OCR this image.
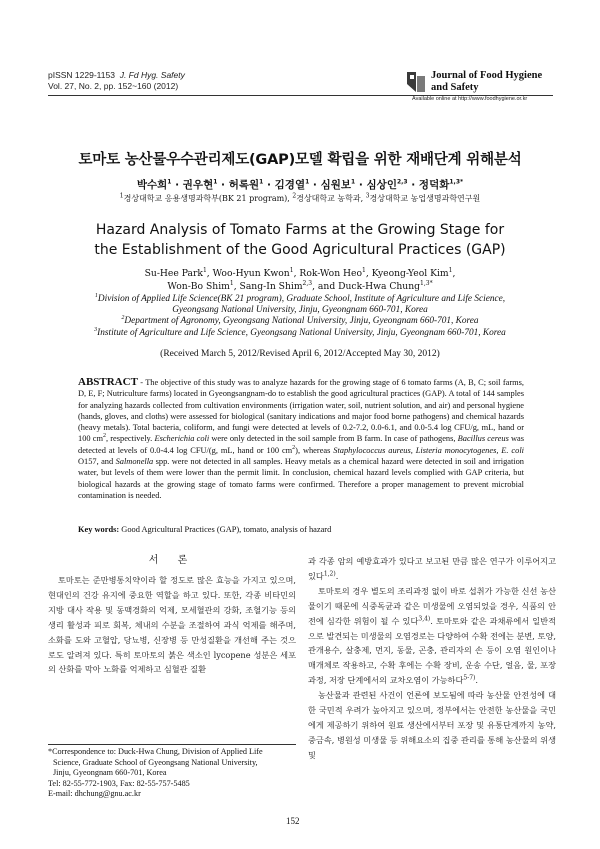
pISSN 1229-1153 J. Fd Hyg. Safety
Vol. 27, No. 2, pp. 152~160 (2012)
Journal of Food Hygiene
and Safety
Available online at http://www.foodhygiene.or.kr
토마토 농산물우수관리제도(GAP)모델 확립을 위한 재배단계 위해분석
박수희$^1$ · 권우현$^1$ · 허록원$^1$ · 김경열$^1$ · 심원보$^1$ · 심상인$^{2,3}$ · 정덕화$^{1,3*}$
$^1$경상대학교 응용생명과학부(BK 21 program), $^2$경상대학교 농학과, $^3$경상대학교 농업생명과학연구원
Hazard Analysis of Tomato Farms at the Growing Stage for
the Establishment of the Good Agricultural Practices (GAP)
Su-Hee Park$^1$, Woo-Hyun Kwon$^1$, Rok-Won Heo$^1$, Kyeong-Yeol Kim$^1$,
Won-Bo Shim$^1$, Sang-In Shim$^{2,3}$, and Duck-Hwa Chung$^{1,3*}$
$^1$Division of Applied Life Science(BK 21 program), Graduate School, Institute of Agriculture and Life Science,
Gyeongsang National University, Jinju, Gyeongnam 660-701, Korea
$^2$Department of Agronomy, Gyeongsang National University, Jinju, Gyeongnam 660-701, Korea
$^3$Institute of Agriculture and Life Science, Gyeongsang National University, Jinju, Gyeongnam 660-701, Korea
(Received March 5, 2012/Revised April 6, 2012/Accepted May 30, 2012)
ABSTRACT - The objective of this study was to analyze hazards for the growing stage of 6 tomato farms (A, B, C; soil farms, D, E, F; Nutriculture farms) located in Gyeongsangnam-do to establish the good agricultural practices (GAP). A total of 144 samples for analyzing hazards collected from cultivation environments (irrigation water, soil, nutrient solution, and air) and personal hygiene (hands, gloves, and cloths) were assessed for biological (sanitary indications and major food borne pathogens) and chemical hazards (heavy metals). Total bacteria, coliform, and fungi were detected at levels of 0.2-7.2, 0.0-6.1, and 0.0-5.4 log CFU/g, mL, hand or 100 $cm^2$, respectively. Escherichia coli were only detected in the soil sample from B farm. In case of pathogens, Bacillus cereus was detected at levels of 0.0-4.4 log CFU/(g, mL, hand or 100 $cm^2$), whereas Staphylococcus aureus, Listeria monocytogenes, E. coli O157, and Salmonella spp. were not detected in all samples. Heavy metals as a chemical hazard were detected in soil and irrigation water, but levels of them were lower than the permit limit. In conclusion, chemical hazard levels complied with GAP criteria, but biological hazards at the growing stage of tomato farms were confirmed. Therefore a proper management to prevent microbial contamination is needed.
Key words: Good Agricultural Practices (GAP), tomato, analysis of hazard
서 론

토마토는 준만병통치약이라 할 정도로 많은 효능을 가지고 있으며, 현대인의 건강 유지에 중요한 역할을 하고 있다. 또한, 각종 비타민의 지방 대사 작용 및 동맥경화의 억제, 모세혈관의 강화, 조혈기능 등의 생리 활성과 피로 회복, 체내의 수분을 조절하여 과식 억제를 해주며, 소화를 도와 고혈압, 당뇨병, 신장병 등 만성질환을 개선해 주는 것으로도 알려져 있다. 특히 토마토의 붉은 색소인 lycopene 성분은 세포의 산화를 막아 노화를 억제하고 심혈관 질환

과 각종 암의 예방효과가 있다고 보고된 만큼 많은 연구가 이루어지고 있다$^{1,2)}$.

토마토의 경우 별도의 조리과정 없이 바로 섭취가 가능한 신선 농산물이기 때문에 식중독균과 같은 미생물에 오염되었을 경우, 식품의 안전에 심각한 위험이 될 수 있다$^{3,4)}$. 토마토와 같은 과채류에서 일반적으로 발견되는 미생물의 오염경로는 다양하여 수확 전에는 분변, 토양, 관개용수, 살충제, 먼지, 동물, 곤충, 관리자의 손 등이 오염 원인이나 매개체로 작용하고, 수확 후에는 수확 장비, 운송 수단, 얼음, 물, 포장 과정, 저장 단계에서의 교차오염이 가능하다$^{5-7)}$.

농산물과 관련된 사건이 언론에 보도됨에 따라 농산물 안전성에 대한 국민적 우려가 높아지고 있으며, 정부에서는 안전한 농산물을 국민에게 제공하기 위하여 원료 생산에서부터 포장 및 유통단계까지 농약, 중금속, 병원성 미생물 등 위해요소의 집중 관리를 통해 농산물의 위생 및

*Correspondence to: Duck-Hwa Chung, Division of Applied Life
Science, Graduate School of Gyeongsang National University,
Jinju, Gyeongnam 660-701, Korea
Tel: 82-55-772-1903, Fax: 82-55-757-5485
E-mail: dhchung@gnu.ac.kr
152
